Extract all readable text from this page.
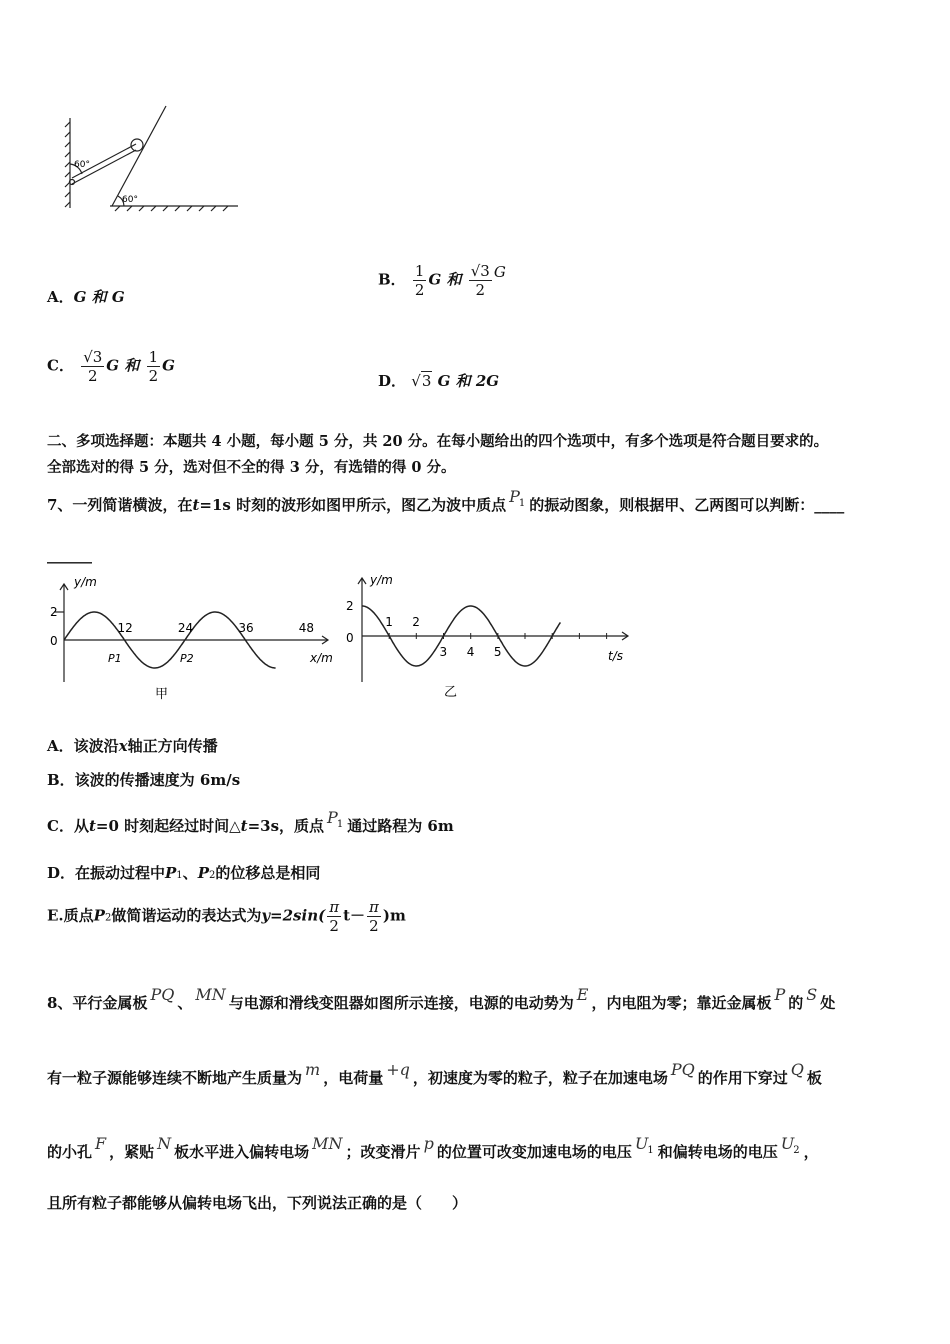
60°
60°
A．G 和 G
B． $\frac{1}{2}$ G 和 $\frac{√3}{2}$ G
C． $\frac{√3}{2}$ G 和 $\frac{1}{2}$ G
D． √3 G 和 2G
二、多项选择题：本题共 4 小题，每小题 5 分，共 20 分。在每小题给出的四个选项中，有多个选项是符合题目要求的。
全部选对的得 5 分，选对但不全的得 3 分，有选错的得 0 分。
7、一列简谐横波，在t=1s 时刻的波形如图甲所示，图乙为波中质点 $P^1$ 的振动图象，则根据甲、乙两图可以判断：____
______
12	24	36	48
y/m
x/m
2
0
P1	P2
甲
1 2
3 4 5
y/m
t/s
2
0
乙
A．该波沿x轴正方向传播
B．该波的传播速度为 6m/s
C．从t=0 时刻起经过时间△t=3s，质点 $P^1$ 通过路程为 6m
D．在振动过程中P1、P2的位移总是相同
E.质点P2做简谐运动的表达式为$y=2\sin( \frac{\pi}{2} t- \frac{\pi}{2} )m$
8、平行金属板 PQ 、 MN 与电源和滑线变阻器如图所示连接，电源的电动势为 E ，内电阻为零；靠近金属板 P 的 S 处
有一粒子源能够连续不断地产生质量为 m ，电荷量 +q ，初速度为零的粒子，粒子在加速电场 PQ 的作用下穿过 Q 板
的小孔 F ，紧贴 N 板水平进入偏转电场 MN ；改变滑片 p 的位置可改变加速电场的电压 $U^1$ 和偏转电场的电压 $U^2$ ，
且所有粒子都能够从偏转电场飞出，下列说法正确的是（　　）
